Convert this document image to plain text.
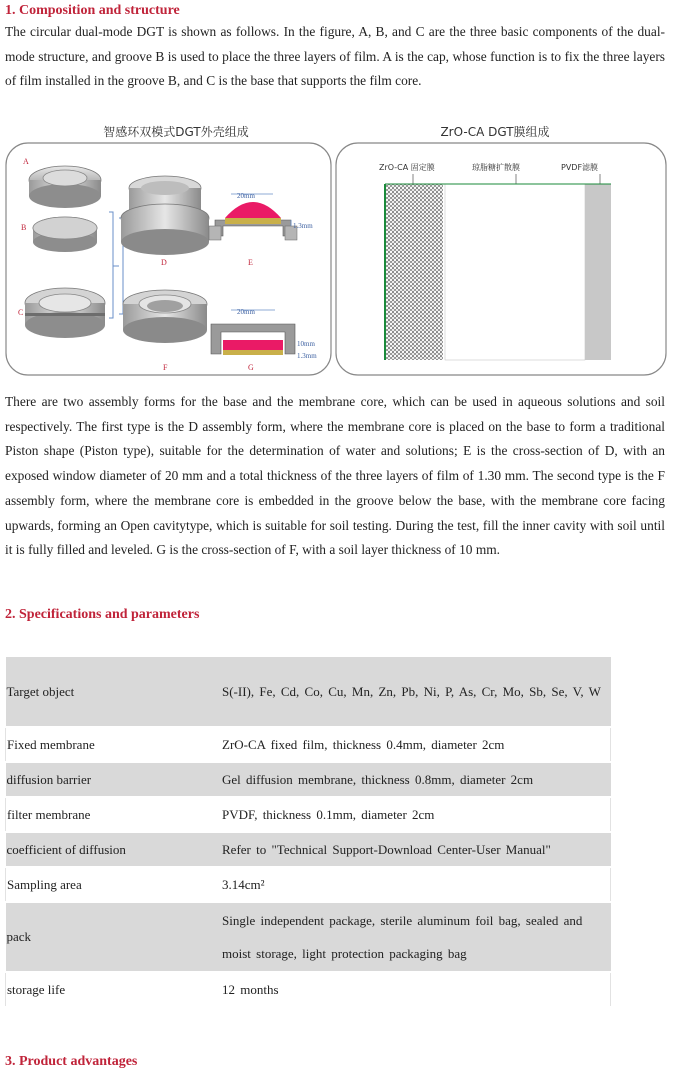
1. Composition and structure

The circular dual-mode DGT is shown as follows. In the figure, A, B, and C are the three basic components of the dual-mode structure, and groove B is used to place the three layers of film. A is the cap, whose function is to fix the three layers of film installed in the groove B, and C is the base that supports the film core.

智感环双模式DGT外壳组成
A
B
C
D
20mm
1.3mm
E
F
20mm
10mm
1.3mm
G
ZrO-CA DGT膜组成
ZrO-CA 固定膜	琼脂糖扩散膜	PVDF滤膜

There are two assembly forms for the base and the membrane core, which can be used in aqueous solutions and soil respectively. The first type is the D assembly form, where the membrane core is placed on the base to form a traditional Piston shape (Piston type), suitable for the determination of water and solutions; E is the cross-section of D, with an exposed window diameter of 20 mm and a total thickness of the three layers of film of 1.30 mm. The second type is the F assembly form, where the membrane core is embedded in the groove below the base, with the membrane core facing upwards, forming an Open cavitytype, which is suitable for soil testing. During the test, fill the inner cavity with soil until it is fully filled and leveled. G is the cross-section of F, with a soil layer thickness of 10 mm.

2. Specifications and parameters
Target object	S(-II), Fe, Cd, Co, Cu, Mn, Zn, Pb, Ni, P, As, Cr, Mo, Sb, Se, V, W
Fixed membrane	ZrO-CA fixed film, thickness 0.4mm, diameter 2cm
diffusion barrier	Gel diffusion membrane, thickness 0.8mm, diameter 2cm
filter membrane	PVDF, thickness 0.1mm, diameter 2cm
coefficient of diffusion	Refer to "Technical Support-Download Center-User Manual"
Sampling area	3.14cm²
pack	Single independent package, sterile aluminum foil bag, sealed and moist storage, light protection packaging bag
storage life	12 months
3. Product advantages
